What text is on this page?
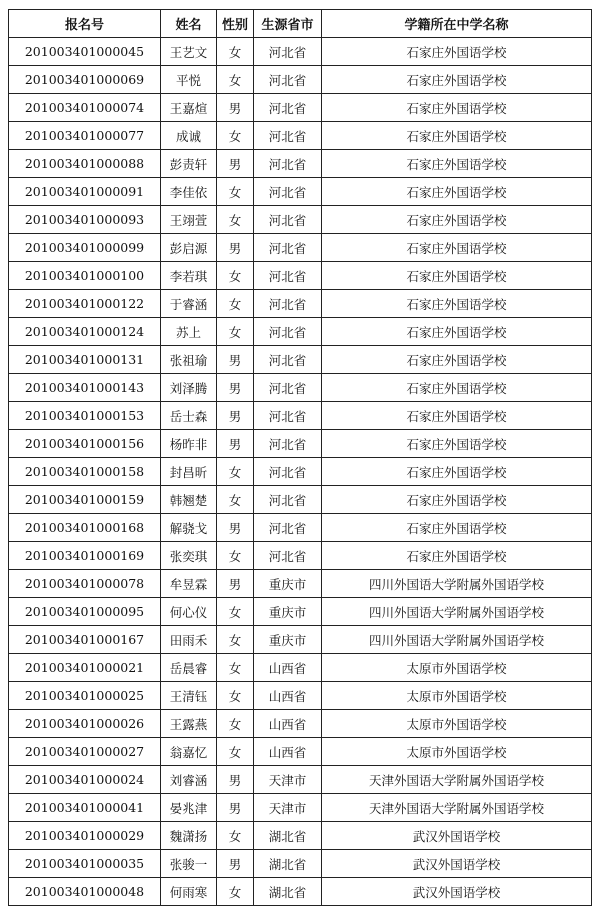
报名号	姓名	性别	生源省市	学籍所在中学名称
201003401000045	王艺文	女	河北省	石家庄外国语学校
201003401000069	平悦	女	河北省	石家庄外国语学校
201003401000074	王嘉煊	男	河北省	石家庄外国语学校
201003401000077	成诚	女	河北省	石家庄外国语学校
201003401000088	彭责轩	男	河北省	石家庄外国语学校
201003401000091	李佳依	女	河北省	石家庄外国语学校
201003401000093	王翊萱	女	河北省	石家庄外国语学校
201003401000099	彭启源	男	河北省	石家庄外国语学校
201003401000100	李若琪	女	河北省	石家庄外国语学校
201003401000122	于睿涵	女	河北省	石家庄外国语学校
201003401000124	苏上	女	河北省	石家庄外国语学校
201003401000131	张祖瑜	男	河北省	石家庄外国语学校
201003401000143	刘泽腾	男	河北省	石家庄外国语学校
201003401000153	岳士森	男	河北省	石家庄外国语学校
201003401000156	杨昨非	男	河北省	石家庄外国语学校
201003401000158	封昌昕	女	河北省	石家庄外国语学校
201003401000159	韩翘楚	女	河北省	石家庄外国语学校
201003401000168	解骁戈	男	河北省	石家庄外国语学校
201003401000169	张奕琪	女	河北省	石家庄外国语学校
201003401000078	牟昱霖	男	重庆市	四川外国语大学附属外国语学校
201003401000095	何心仪	女	重庆市	四川外国语大学附属外国语学校
201003401000167	田雨禾	女	重庆市	四川外国语大学附属外国语学校
201003401000021	岳晨睿	女	山西省	太原市外国语学校
201003401000025	王清钰	女	山西省	太原市外国语学校
201003401000026	王露燕	女	山西省	太原市外国语学校
201003401000027	翁嘉忆	女	山西省	太原市外国语学校
201003401000024	刘睿涵	男	天津市	天津外国语大学附属外国语学校
201003401000041	晏兆津	男	天津市	天津外国语大学附属外国语学校
201003401000029	魏潇扬	女	湖北省	武汉外国语学校
201003401000035	张骏一	男	湖北省	武汉外国语学校
201003401000048	何雨寒	女	湖北省	武汉外国语学校
